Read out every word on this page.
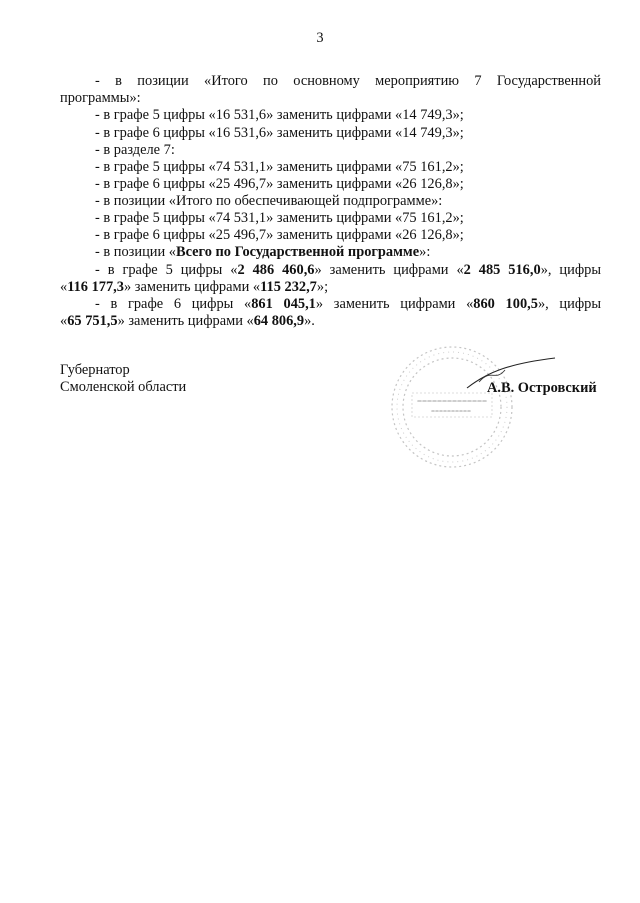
3
- в позиции «Итого по основному мероприятию 7 Государственной
программы»:
- в графе 5 цифры «16 531,6» заменить цифрами «14 749,3»;
- в графе 6 цифры «16 531,6» заменить цифрами «14 749,3»;
- в разделе 7:
- в графе 5 цифры «74 531,1» заменить цифрами «75 161,2»;
- в графе 6 цифры «25 496,7» заменить цифрами «26 126,8»;
- в позиции «Итого по обеспечивающей подпрограмме»:
- в графе 5 цифры «74 531,1» заменить цифрами «75 161,2»;
- в графе 6 цифры «25 496,7» заменить цифрами «26 126,8»;
- в позиции «Всего по Государственной программе»:
- в графе 5 цифры «2 486 460,6» заменить цифрами «2 485 516,0», цифры
«116 177,3» заменить цифрами «115 232,7»;
- в графе 6 цифры «861 045,1» заменить цифрами «860 100,5», цифры
«65 751,5» заменить цифрами «64 806,9».
Губернатор
Смоленской области	А.В. Островский
